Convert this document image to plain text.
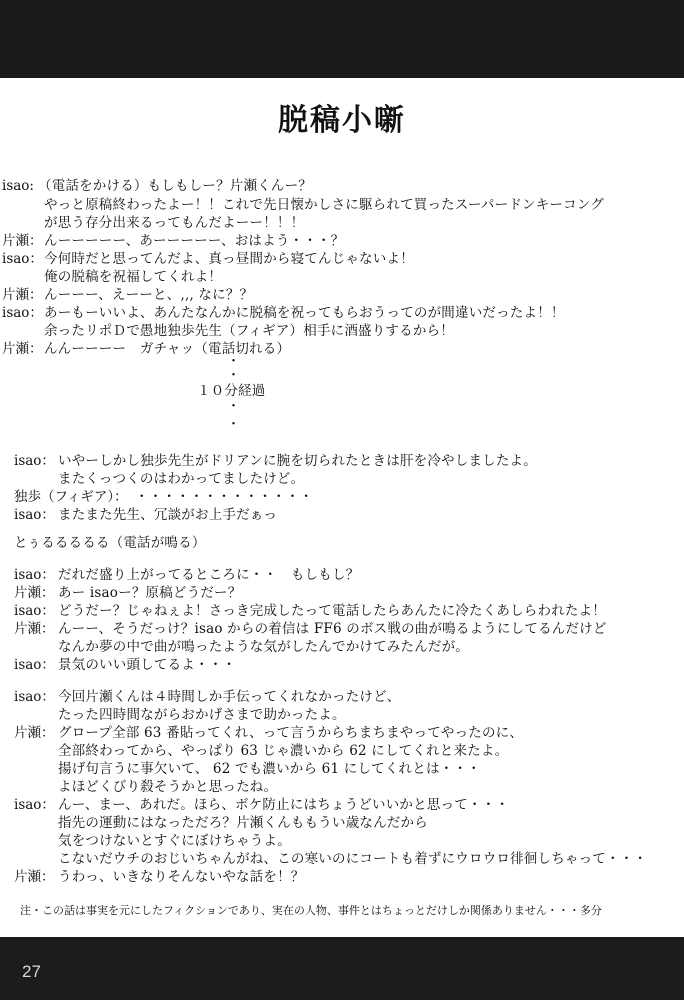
脱稿小噺
isao: （電話をかける）もしもしー？片瀬くんー？
やっと原稿終わったよー！！これで先日懐かしさに駆られて買ったスーパードンキーコング
が思う存分出来るってもんだよーー！！！
片瀬： んーーーーー、あーーーーー、おはよう・・・？
isao： 今何時だと思ってんだよ、真っ昼間から寝てんじゃないよ！
俺の脱稿を祝福してくれよ！
片瀬： んーーー、えーーと、,,, なに？？
isao： あーもーいいよ、あんたなんかに脱稿を祝ってもらおうってのが間違いだったよ！！
余ったリポＤで愚地独歩先生（フィギア）相手に酒盛りするから！
片瀬： んんーーーー　ガチャッ（電話切れる）
・
・
１０分経過
・
・
isao： いやーしかし独歩先生がドリアンに腕を切られたときは肝を冷やしましたよ。
またくっつくのはわかってましたけど。
独歩（フィギア）： ・・・・・・・・・・・・・
isao： またまた先生、冗談がお上手だぁっ
とぅるるるるる（電話が鳴る）
isao： だれだ盛り上がってるところに・・　もしもし？
片瀬： あー isaoー？原稿どうだー？
isao： どうだー？じゃねぇよ！さっき完成したって電話したらあんたに冷たくあしらわれたよ！
片瀬： んーー、そうだっけ？isao からの着信は FF6 のボス戦の曲が鳴るようにしてるんだけど
なんか夢の中で曲が鳴ったような気がしたんでかけてみたんだが。
isao： 景気のいい頭してるよ・・・
isao： 今回片瀬くんは４時間しか手伝ってくれなかったけど、
たった四時間ながらおかげさまで助かったよ。
片瀬： グロープ全部 63 番貼ってくれ、って言うからちまちまやってやったのに、
全部終わってから、やっぱり 63 じゃ濃いから 62 にしてくれと来たよ。
揚げ句言うに事欠いて、 62 でも濃いから 61 にしてくれとは・・・
よほどくびり殺そうかと思ったね。
isao： んー、まー、あれだ。ほら、ボケ防止にはちょうどいいかと思って・・・
指先の運動にはなっただろ？片瀬くんももうい歳なんだから
気をつけないとすぐにぼけちゃうよ。
こないだウチのおじいちゃんがね、この寒いのにコートも着ずにウロウロ徘徊しちゃって・・・
片瀬： うわっ、いきなりそんないやな話を！？
注・この話は事実を元にしたフィクションであり、実在の人物、事件とはちょっとだけしか関係ありません・・・多分
27
